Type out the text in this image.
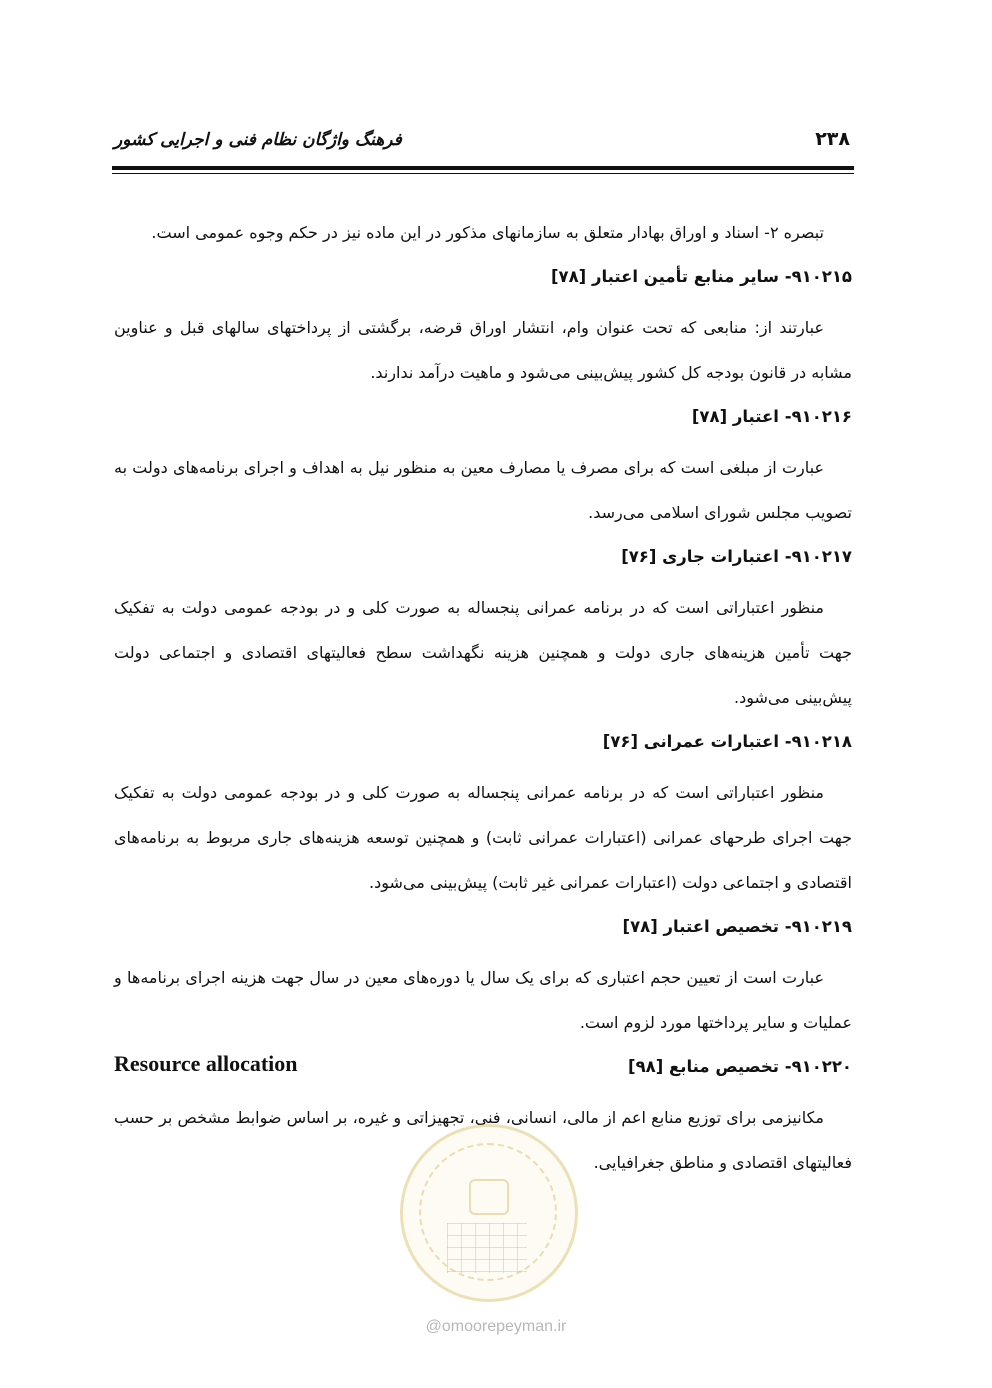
۲۳۸
فرهنگ واژگان نظام فنی و اجرایی کشور

تبصره ۲- اسناد و اوراق بهادار متعلق به سازمانهای مذکور در این ماده نیز در حکم وجوه عمومی است.

۹۱۰۲۱۵- سایر منابع تأمین اعتبار [۷۸]

عبارتند از: منابعی که تحت عنوان وام، انتشار اوراق قرضه، برگشتی از پرداختهای سالهای قبل و عناوین مشابه در قانون بودجه کل کشور پیش‌بینی می‌شود و ماهیت درآمد ندارند.

۹۱۰۲۱۶- اعتبار [۷۸]

عبارت از مبلغی است که برای مصرف یا مصارف معین به منظور نیل به اهداف و اجرای برنامه‌های دولت به تصویب مجلس شورای اسلامی می‌رسد.

۹۱۰۲۱۷- اعتبارات جاری [۷۶]

منظور اعتباراتی است که در برنامه عمرانی پنجساله به صورت کلی و در بودجه عمومی دولت به تفکیک جهت تأمین هزینه‌های جاری دولت و همچنین هزینه نگهداشت سطح فعالیتهای اقتصادی و اجتماعی دولت پیش‌بینی می‌شود.

۹۱۰۲۱۸- اعتبارات عمرانی [۷۶]

منظور اعتباراتی است که در برنامه عمرانی پنجساله به صورت کلی و در بودجه عمومی دولت به تفکیک جهت اجرای طرحهای عمرانی (اعتبارات عمرانی ثابت) و همچنین توسعه هزینه‌های جاری مربوط به برنامه‌های اقتصادی و اجتماعی دولت (اعتبارات عمرانی غیر ثابت) پیش‌بینی می‌شود.

۹۱۰۲۱۹- تخصیص اعتبار [۷۸]

عبارت است از تعیین حجم اعتباری که برای یک سال یا دوره‌های معین در سال جهت هزینه اجرای برنامه‌ها و عملیات و سایر پرداختها مورد لزوم است.

۹۱۰۲۲۰- تخصیص منابع [۹۸]
Resource allocation

مکانیزمی برای توزیع منابع اعم از مالی، انسانی، فنی، تجهیزاتی و غیره، بر اساس ضوابط مشخص بر حسب فعالیتهای اقتصادی و مناطق جغرافیایی.

@omoorepeyman.ir
